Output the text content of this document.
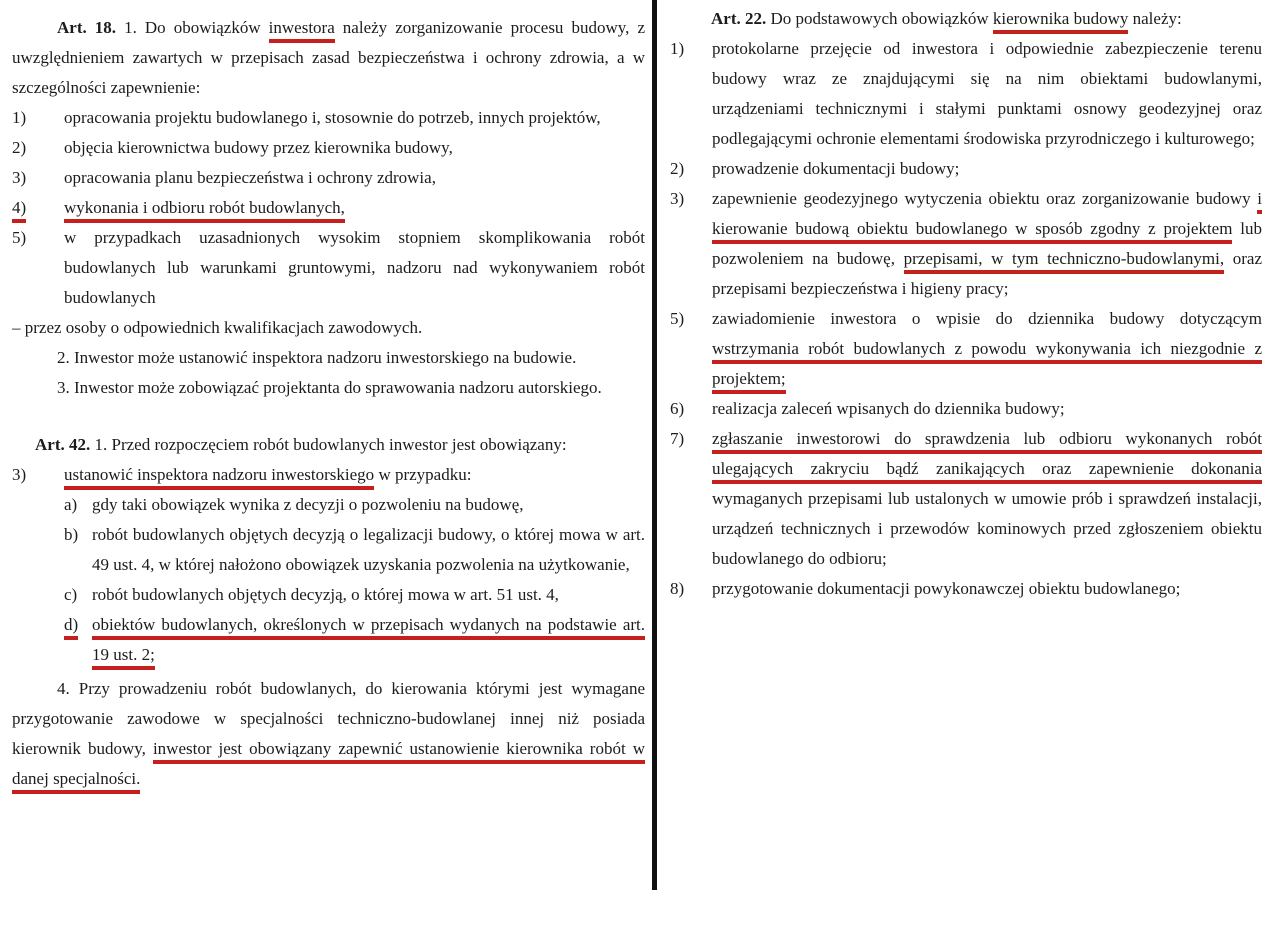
Art. 18. 1. Do obowiązków inwestora należy zorganizowanie procesu budowy, z uwzględnieniem zawartych w przepisach zasad bezpieczeństwa i ochrony zdrowia, a w szczególności zapewnienie:
1)	opracowania projektu budowlanego i, stosownie do potrzeb, innych projektów,
2)	objęcia kierownictwa budowy przez kierownika budowy,
3)	opracowania planu bezpieczeństwa i ochrony zdrowia,
4)	wykonania i odbioru robót budowlanych,
5)	w przypadkach uzasadnionych wysokim stopniem skomplikowania robót budowlanych lub warunkami gruntowymi, nadzoru nad wykonywaniem robót budowlanych
– przez osoby o odpowiednich kwalifikacjach zawodowych.
2. Inwestor może ustanowić inspektora nadzoru inwestorskiego na budowie.
3. Inwestor może zobowiązać projektanta do sprawowania nadzoru autorskiego.
Art. 42. 1. Przed rozpoczęciem robót budowlanych inwestor jest obowiązany:
3)	ustanowić inspektora nadzoru inwestorskiego w przypadku:
a) gdy taki obowiązek wynika z decyzji o pozwoleniu na budowę,
b) robót budowlanych objętych decyzją o legalizacji budowy, o której mowa w art. 49 ust. 4, w której nałożono obowiązek uzyskania pozwolenia na użytkowanie,
c) robót budowlanych objętych decyzją, o której mowa w art. 51 ust. 4,
d) obiektów budowlanych, określonych w przepisach wydanych na podstawie art. 19 ust. 2;
4. Przy prowadzeniu robót budowlanych, do kierowania którymi jest wymagane przygotowanie zawodowe w specjalności techniczno-budowlanej innej niż posiada kierownik budowy, inwestor jest obowiązany zapewnić ustanowienie kierownika robót w danej specjalności.
Art. 22. Do podstawowych obowiązków kierownika budowy należy:
1)	protokolarne przejęcie od inwestora i odpowiednie zabezpieczenie terenu budowy wraz ze znajdującymi się na nim obiektami budowlanymi, urządzeniami technicznymi i stałymi punktami osnowy geodezyjnej oraz podlegającymi ochronie elementami środowiska przyrodniczego i kulturowego;
2)	prowadzenie dokumentacji budowy;
3)	zapewnienie geodezyjnego wytyczenia obiektu oraz zorganizowanie budowy i kierowanie budową obiektu budowlanego w sposób zgodny z projektem lub pozwoleniem na budowę, przepisami, w tym techniczno-budowlanymi, oraz przepisami bezpieczeństwa i higieny pracy;
5)	zawiadomienie inwestora o wpisie do dziennika budowy dotyczącym wstrzymania robót budowlanych z powodu wykonywania ich niezgodnie z projektem;
6)	realizacja zaleceń wpisanych do dziennika budowy;
7)	zgłaszanie inwestorowi do sprawdzenia lub odbioru wykonanych robót ulegających zakryciu bądź zanikających oraz zapewnienie dokonania wymaganych przepisami lub ustalonych w umowie prób i sprawdzeń instalacji, urządzeń technicznych i przewodów kominowych przed zgłoszeniem obiektu budowlanego do odbioru;
8)	przygotowanie dokumentacji powykonawczej obiektu budowlanego;
